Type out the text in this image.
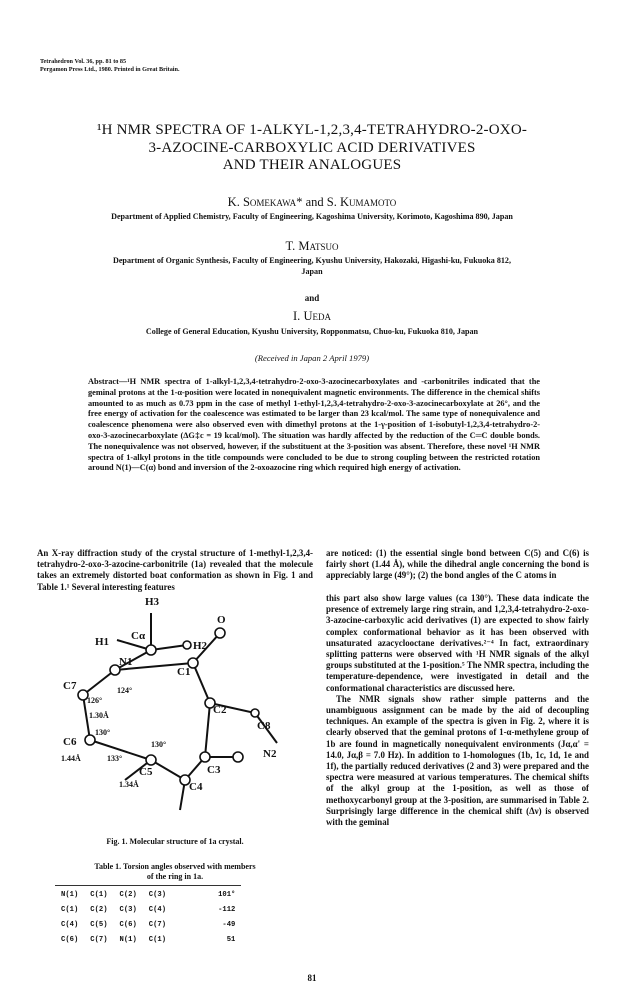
Tetrahedron Vol. 36, pp. 81 to 85
Pergamon Press Ltd., 1980. Printed in Great Britain.
¹H NMR SPECTRA OF 1-ALKYL-1,2,3,4-TETRAHYDRO-2-OXO-
3-AZOCINE-CARBOXYLIC ACID DERIVATIVES
AND THEIR ANALOGUES
K. Somekawa* and S. Kumamoto
Department of Applied Chemistry, Faculty of Engineering, Kagoshima University, Korimoto, Kagoshima 890, Japan
T. Matsuo
Department of Organic Synthesis, Faculty of Engineering, Kyushu University, Hakozaki, Higashi-ku, Fukuoka 812,
Japan
and
I. Ueda
College of General Education, Kyushu University, Ropponmatsu, Chuo-ku, Fukuoka 810, Japan
(Received in Japan 2 April 1979)
Abstract—¹H NMR spectra of 1-alkyl-1,2,3,4-tetrahydro-2-oxo-3-azocinecarboxylates and -carbonitriles indicated that the geminal protons at the 1-α-position were located in nonequivalent magnetic environments. The difference in the chemical shifts amounted to as much as 0.73 ppm in the case of methyl 1-ethyl-1,2,3,4-tetrahydro-2-oxo-3-azocinecarboxylate at 26°, and the free energy of activation for the coalescence was estimated to be larger than 23 kcal/mol. The same type of nonequivalence and coalescence phenomena were also observed even with dimethyl protons at the 1-γ-position of 1-isobutyl-1,2,3,4-tetrahydro-2-oxo-3-azocinecarboxylate (ΔG‡c = 19 kcal/mol). The situation was hardly affected by the reduction of the C═C double bonds. The nonequivalence was not observed, however, if the substituent at the 3-position was absent. Therefore, these novel ¹H NMR spectra of 1-alkyl protons in the title compounds were concluded to be due to strong coupling between the restricted rotation around N(1)—C(α) bond and inversion of the 2-oxoazocine ring which required high energy of activation.

An X-ray diffraction study of the crystal structure of 1-methyl-1,2,3,4-tetrahydro-2-oxo-3-azocine-carbonitrile (1a) revealed that the molecule takes an extremely distorted boat conformation as shown in Fig. 1 and Table 1.¹ Several interesting features

are noticed: (1) the essential single bond between C(5) and C(6) is fairly short (1.44 Å), while the dihedral angle concerning the bond is appreciably large (49°); (2) the bond angles of the C atoms in

this part also show large values (ca 130°). These data indicate the presence of extremely large ring strain, and 1,2,3,4-tetrahydro-2-oxo-3-azocine-carboxylic acid derivatives (1) are expected to show fairly complex conformational behavior as it has been observed with unsaturated azacyclooctane derivatives.²⁻⁴ In fact, extraordinary splitting patterns were observed with ¹H NMR signals of the alkyl groups substituted at the 1-position.⁵ The NMR spectra, including the temperature-dependence, were investigated in detail and the conformational characteristics are discussed here.

The NMR signals show rather simple patterns and the unambiguous assignment can be made by the aid of decoupling techniques. An example of the spectra is given in Fig. 2, where it is clearly observed that the geminal protons of 1-α-methylene group of 1b are found in magnetically nonequivalent environments (Jα,α' = 14.0, Jα,β = 7.0 Hz). In addition to 1-homologues (1b, 1c, 1d, 1e and 1f), the partially reduced derivatives (2 and 3) were prepared and the spectra were measured at various temperatures. The chemical shifts of the alkyl group at the 1-position, as well as those of methoxycarbonyl group at the 3-position, are summarised in Table 2. Surprisingly large difference in the chemical shift (Δν) is observed with the geminal

H3
Cα
H1	H2
O
N1
C1
C7
C2
C8
N2
C6
C3
C5
C4
124°
126°
1.30Å
130°
1.44Å	133°
130°
1.34Å
Fig. 1. Molecular structure of 1a crystal.
Table 1. Torsion angles observed with members
of the ring in 1a.
N(1)	C(1)	C(2)	C(3)	101°
C(1)	C(2)	C(3)	C(4)	-112
C(4)	C(5)	C(6)	C(7)	-49
C(6)	C(7)	N(1)	C(1)	51
81
